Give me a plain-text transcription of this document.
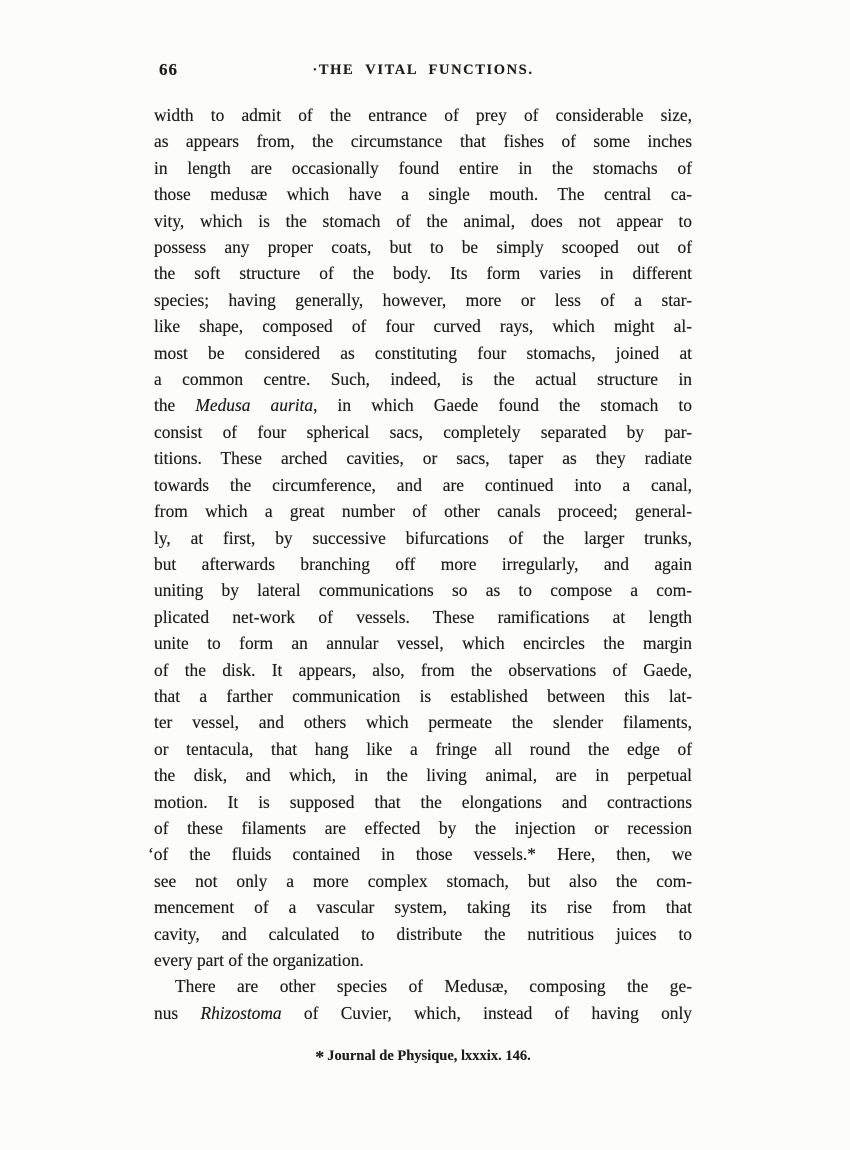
66	·THE VITAL FUNCTIONS.
width to admit of the entrance of prey of considerable size,
as appears from, the circumstance that fishes of some inches
in length are occasionally found entire in the stomachs of
those medusæ which have a single mouth. The central ca-
vity, which is the stomach of the animal, does not appear to
possess any proper coats, but to be simply scooped out of
the soft structure of the body. Its form varies in different
species; having generally, however, more or less of a star-
like shape, composed of four curved rays, which might al-
most be considered as constituting four stomachs, joined at
a common centre. Such, indeed, is the actual structure in
the Medusa aurita, in which Gaede found the stomach to
consist of four spherical sacs, completely separated by par-
titions. These arched cavities, or sacs, taper as they radiate
towards the circumference, and are continued into a canal,
from which a great number of other canals proceed; general-
ly, at first, by successive bifurcations of the larger trunks,
but afterwards branching off more irregularly, and again
uniting by lateral communications so as to compose a com-
plicated net-work of vessels. These ramifications at length
unite to form an annular vessel, which encircles the margin
of the disk. It appears, also, from the observations of Gaede,
that a farther communication is established between this lat-
ter vessel, and others which permeate the slender filaments,
or tentacula, that hang like a fringe all round the edge of
the disk, and which, in the living animal, are in perpetual
motion. It is supposed that the elongations and contractions
of these filaments are effected by the injection or recession
‘of the fluids contained in those vessels.* Here, then, we
see not only a more complex stomach, but also the com-
mencement of a vascular system, taking its rise from that
cavity, and calculated to distribute the nutritious juices to
every part of the organization.
There are other species of Medusæ, composing the ge-
nus Rhizostoma of Cuvier, which, instead of having only
* Journal de Physique, lxxxix. 146.
